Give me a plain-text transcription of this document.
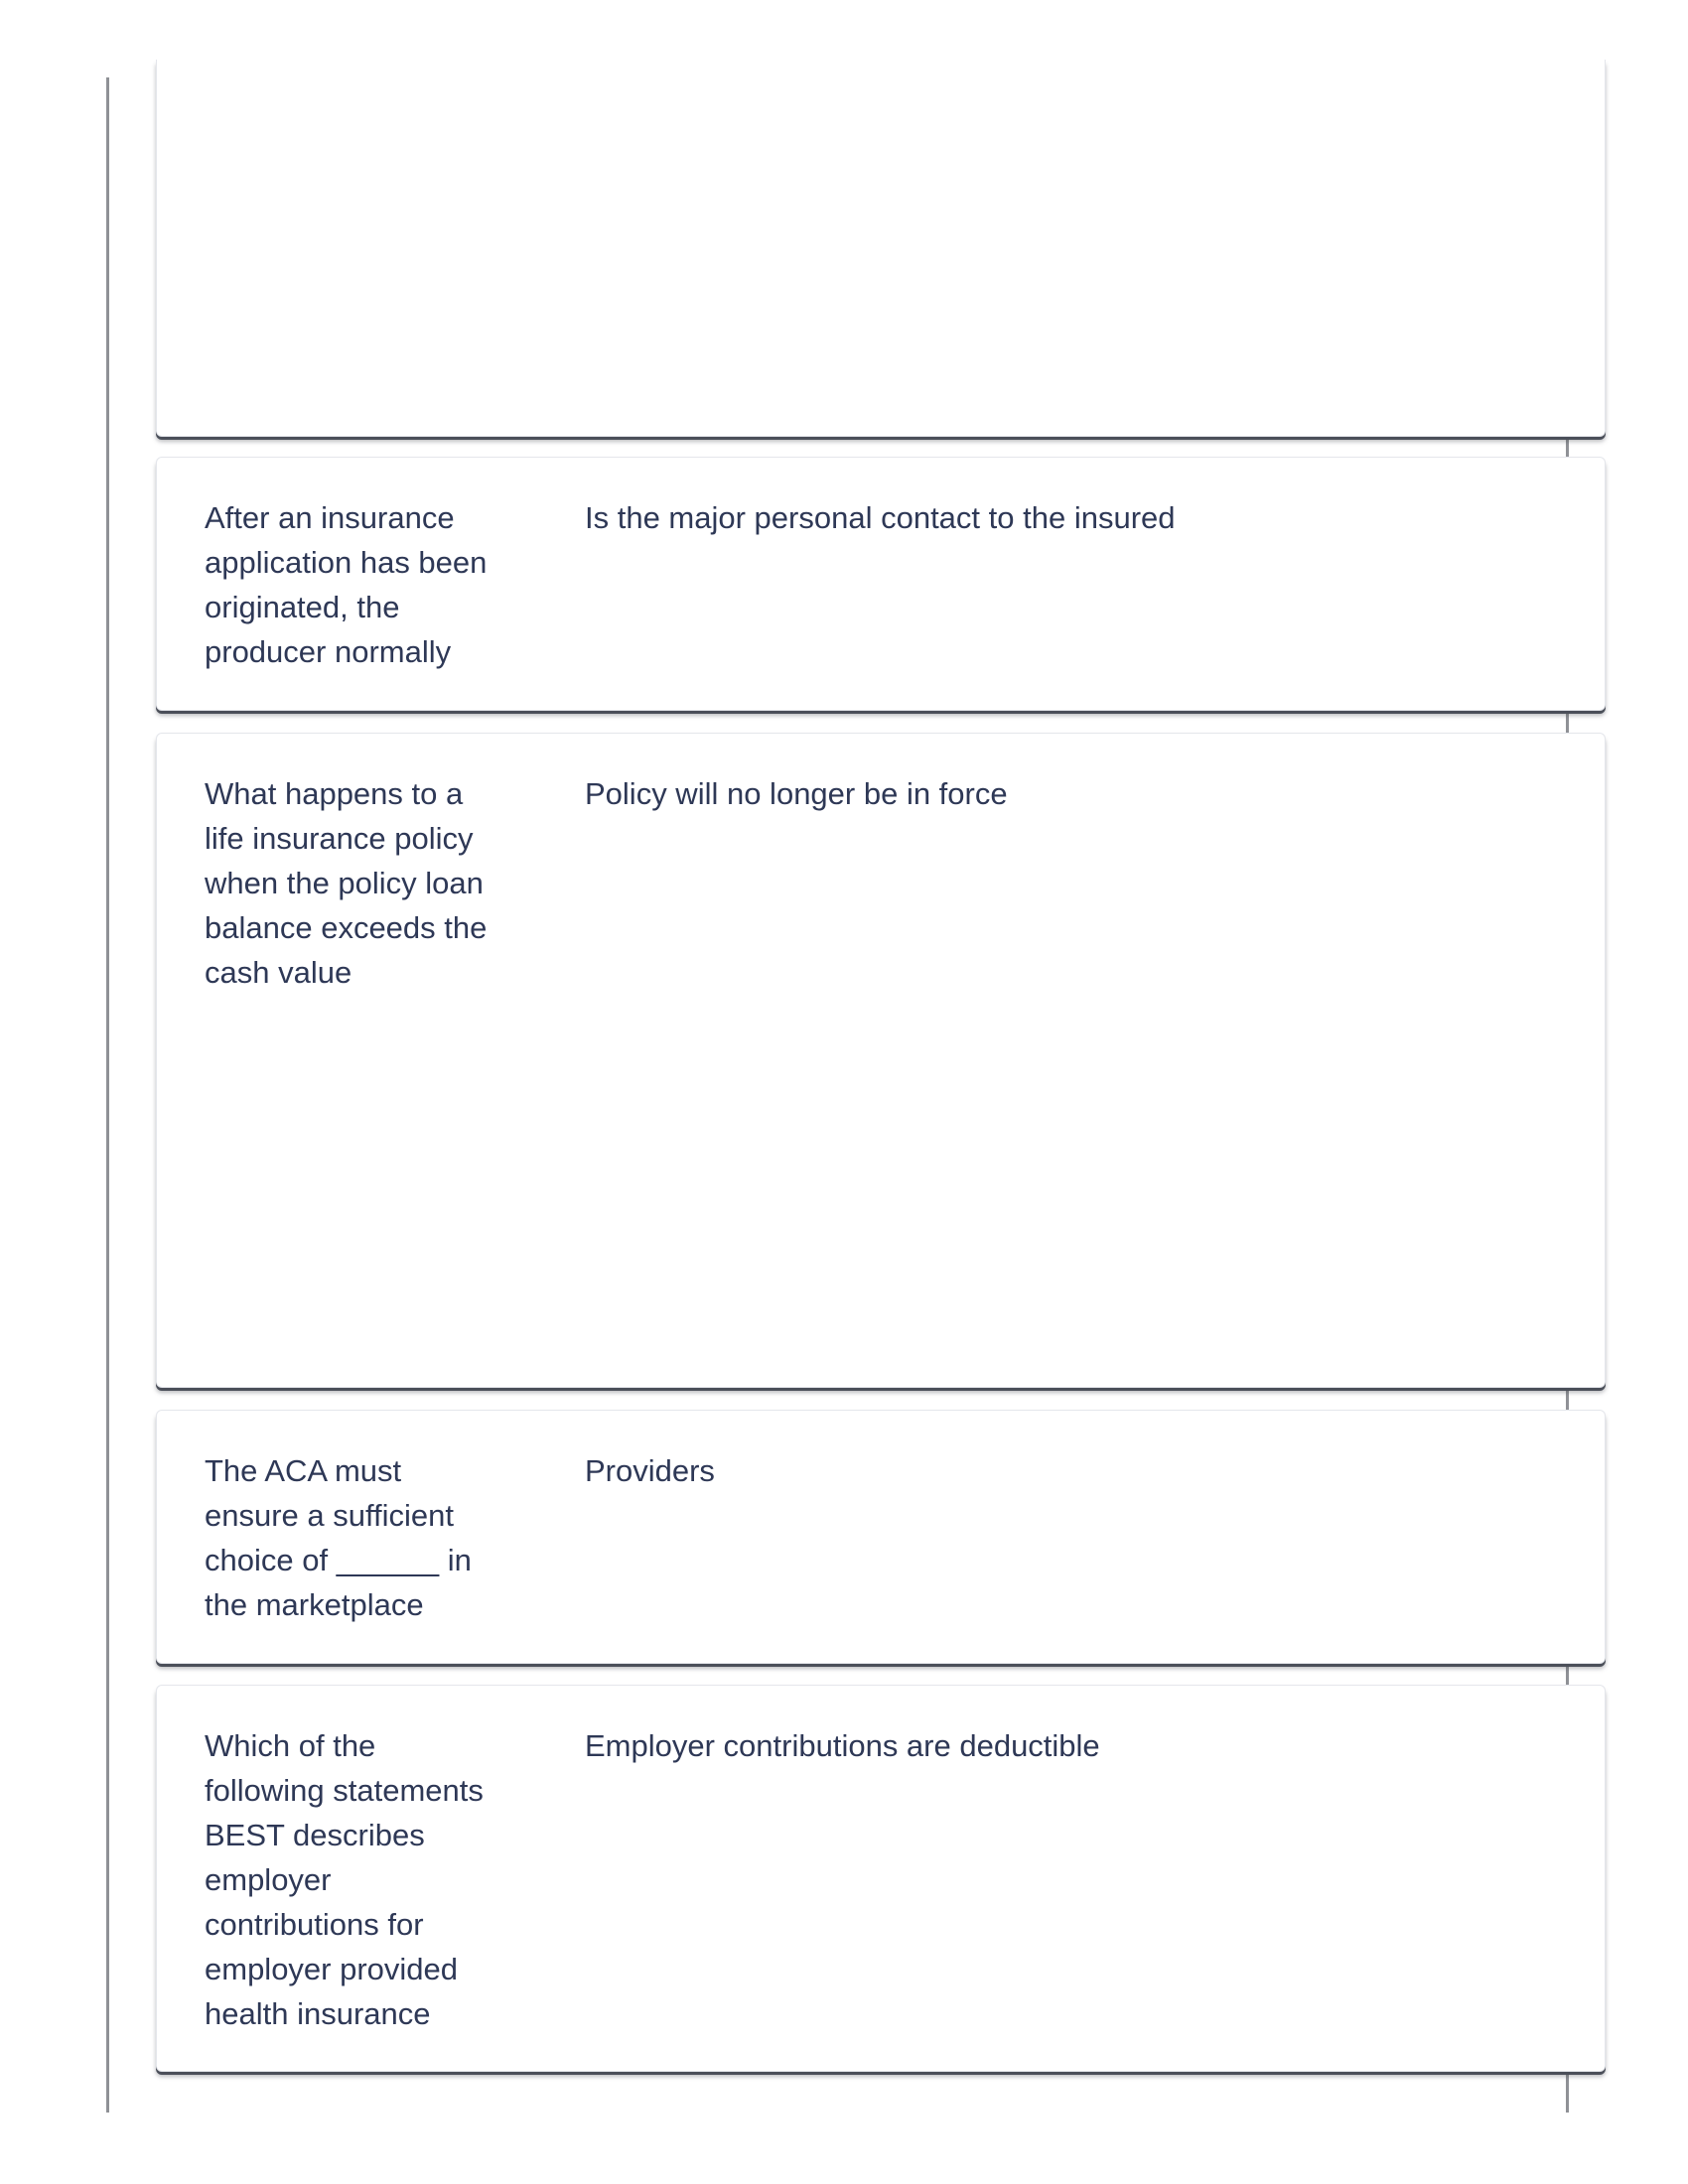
After an insurance application has been originated, the producer normally
Is the major personal contact to the insured
What happens to a life insurance policy when the policy loan balance exceeds the cash value
Policy will no longer be in force
The ACA must ensure a sufficient choice of ______ in the marketplace
Providers
Which of the following statements BEST describes employer contributions for employer provided health insurance
Employer contributions are deductible
